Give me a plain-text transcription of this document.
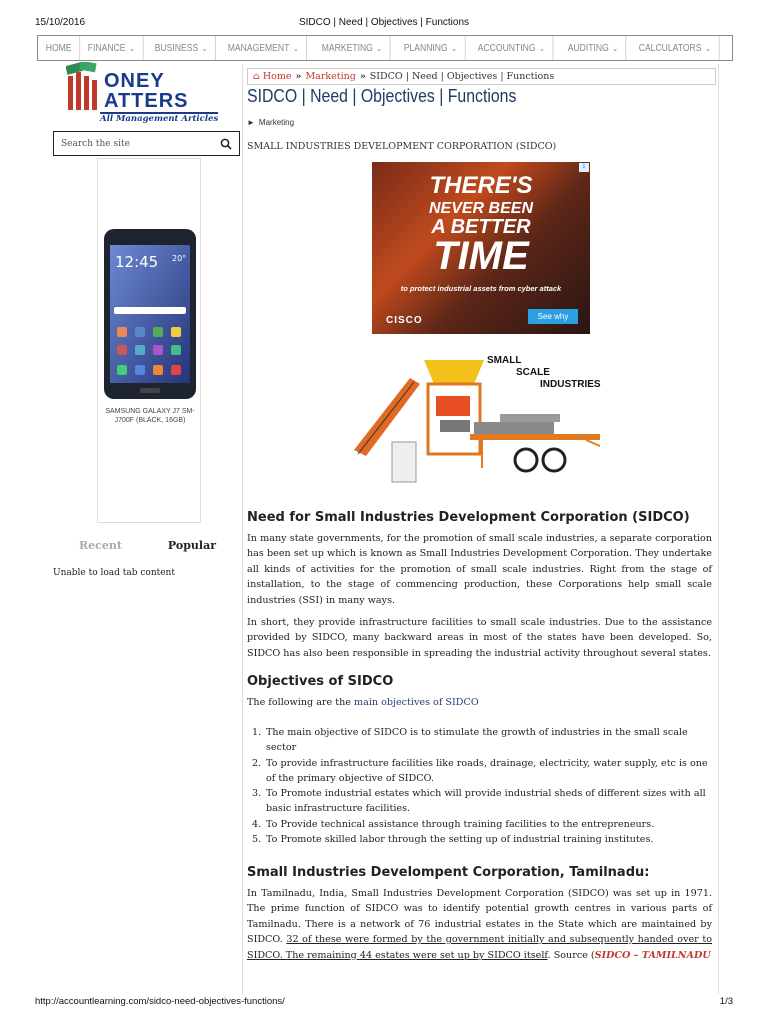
15/10/2016	SIDCO | Need | Objectives | Functions
HOME FINANCE ⌄ BUSINESS ⌄ MANAGEMENT ⌄ MARKETING ⌄ PLANNING ⌄ ACCOUNTING ⌄ AUDITING ⌄ CALCULATORS ⌄
ONEY
ATTERS
All Management Articles
Search the site
12:45 20°
SAMSUNG GALAXY J7 SM-J700F (BLACK, 16GB)
Recent	Popular
Unable to load tab content
⌂ Home » Marketing » SIDCO | Need | Objectives | Functions
SIDCO | Need | Objectives | Functions
► Marketing
SMALL INDUSTRIES DEVELOPMENT CORPORATION (SIDCO)
i
THERE'S
NEVER BEEN
A BETTER
TIME
to protect industrial assets from cyber attack
CISCO	See why
SMALL
SCALE
INDUSTRIES
Need for Small Industries Development Corporation (SIDCO)
In many state governments, for the promotion of small scale industries, a separate corporation has been set up which is known as Small Industries Development Corporation. They undertake all kinds of activities for the promotion of small scale industries. Right from the stage of installation, to the stage of commencing production, these Corporations help small scale industries (SSI) in many ways.
In short, they provide infrastructure facilities to small scale industries. Due to the assistance provided by SIDCO, many backward areas in most of the states have been developed. So, SIDCO has also been responsible in spreading the industrial activity throughout several states.
Objectives of SIDCO
The following are the main objectives of SIDCO
1. The main objective of SIDCO is to stimulate the growth of industries in the small scale sector
2. To provide infrastructure facilities like roads, drainage, electricity, water supply, etc is one of the primary objective of SIDCO.
3. To Promote industrial estates which will provide industrial sheds of different sizes with all basic infrastructure facilities.
4. To Provide technical assistance through training facilities to the entrepreneurs.
5. To Promote skilled labor through the setting up of industrial training institutes.
Small Industries Develompent Corporation, Tamilnadu:
In Tamilnadu, India, Small Industries Development Corporation (SIDCO) was set up in 1971. The prime function of SIDCO was to identify potential growth centres in various parts of Tamilnadu. There is a network of 76 industrial estates in the State which are maintained by SIDCO. 32 of these were formed by the government initially and subsequently handed over to SIDCO. The remaining 44 estates were set up by SIDCO itself. Source (SIDCO – TAMILNADU
http://accountlearning.com/sidco-need-objectives-functions/	1/3
